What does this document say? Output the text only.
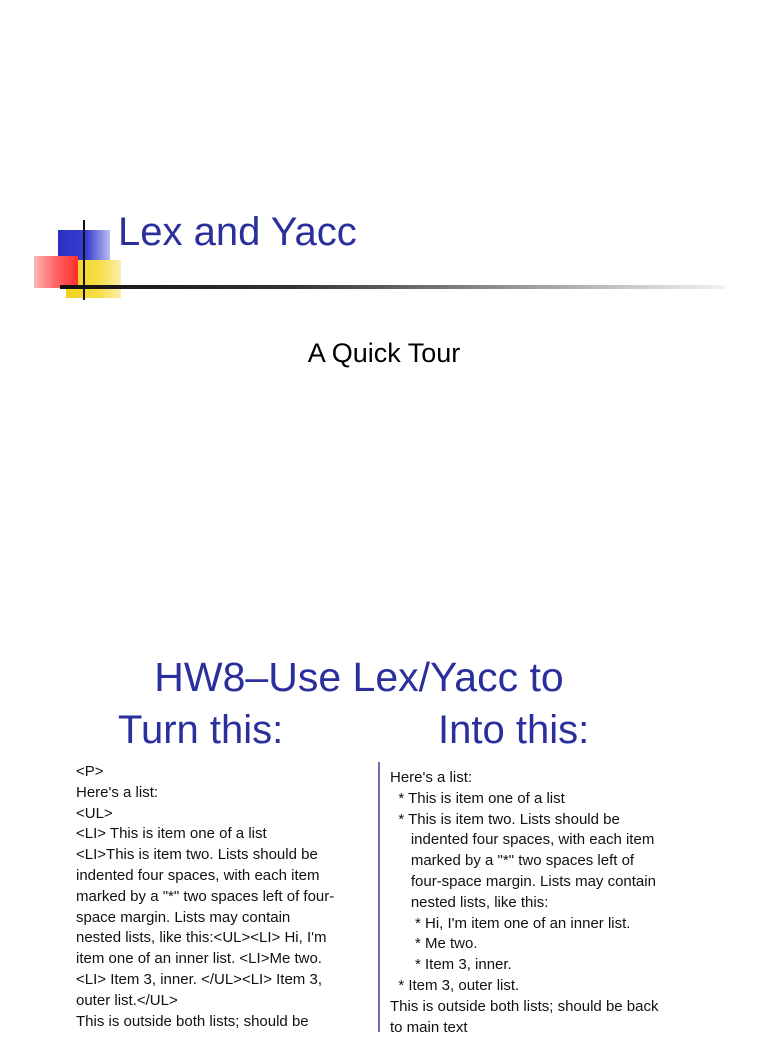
Lex and Yacc
A Quick Tour
HW8–Use Lex/Yacc to
Turn this:	Into this:
<P>
Here's a list:
<UL>
<LI> This is item one of a list
<LI>This is item two. Lists should be
indented four spaces, with each item
marked by a "*" two spaces left of four-
space margin. Lists may contain
nested lists, like this:<UL><LI> Hi, I'm
item one of an inner list. <LI>Me two.
<LI> Item 3, inner. </UL><LI> Item 3,
outer list.</UL>
This is outside both lists; should be
Here's a list:
* This is item one of a list
* This is item two. Lists should be
indented four spaces, with each item
marked by a "*" two spaces left of
four-space margin. Lists may contain
nested lists, like this:
* Hi, I'm item one of an inner list.
* Me two.
* Item 3, inner.
* Item 3, outer list.
This is outside both lists; should be back
to main text
